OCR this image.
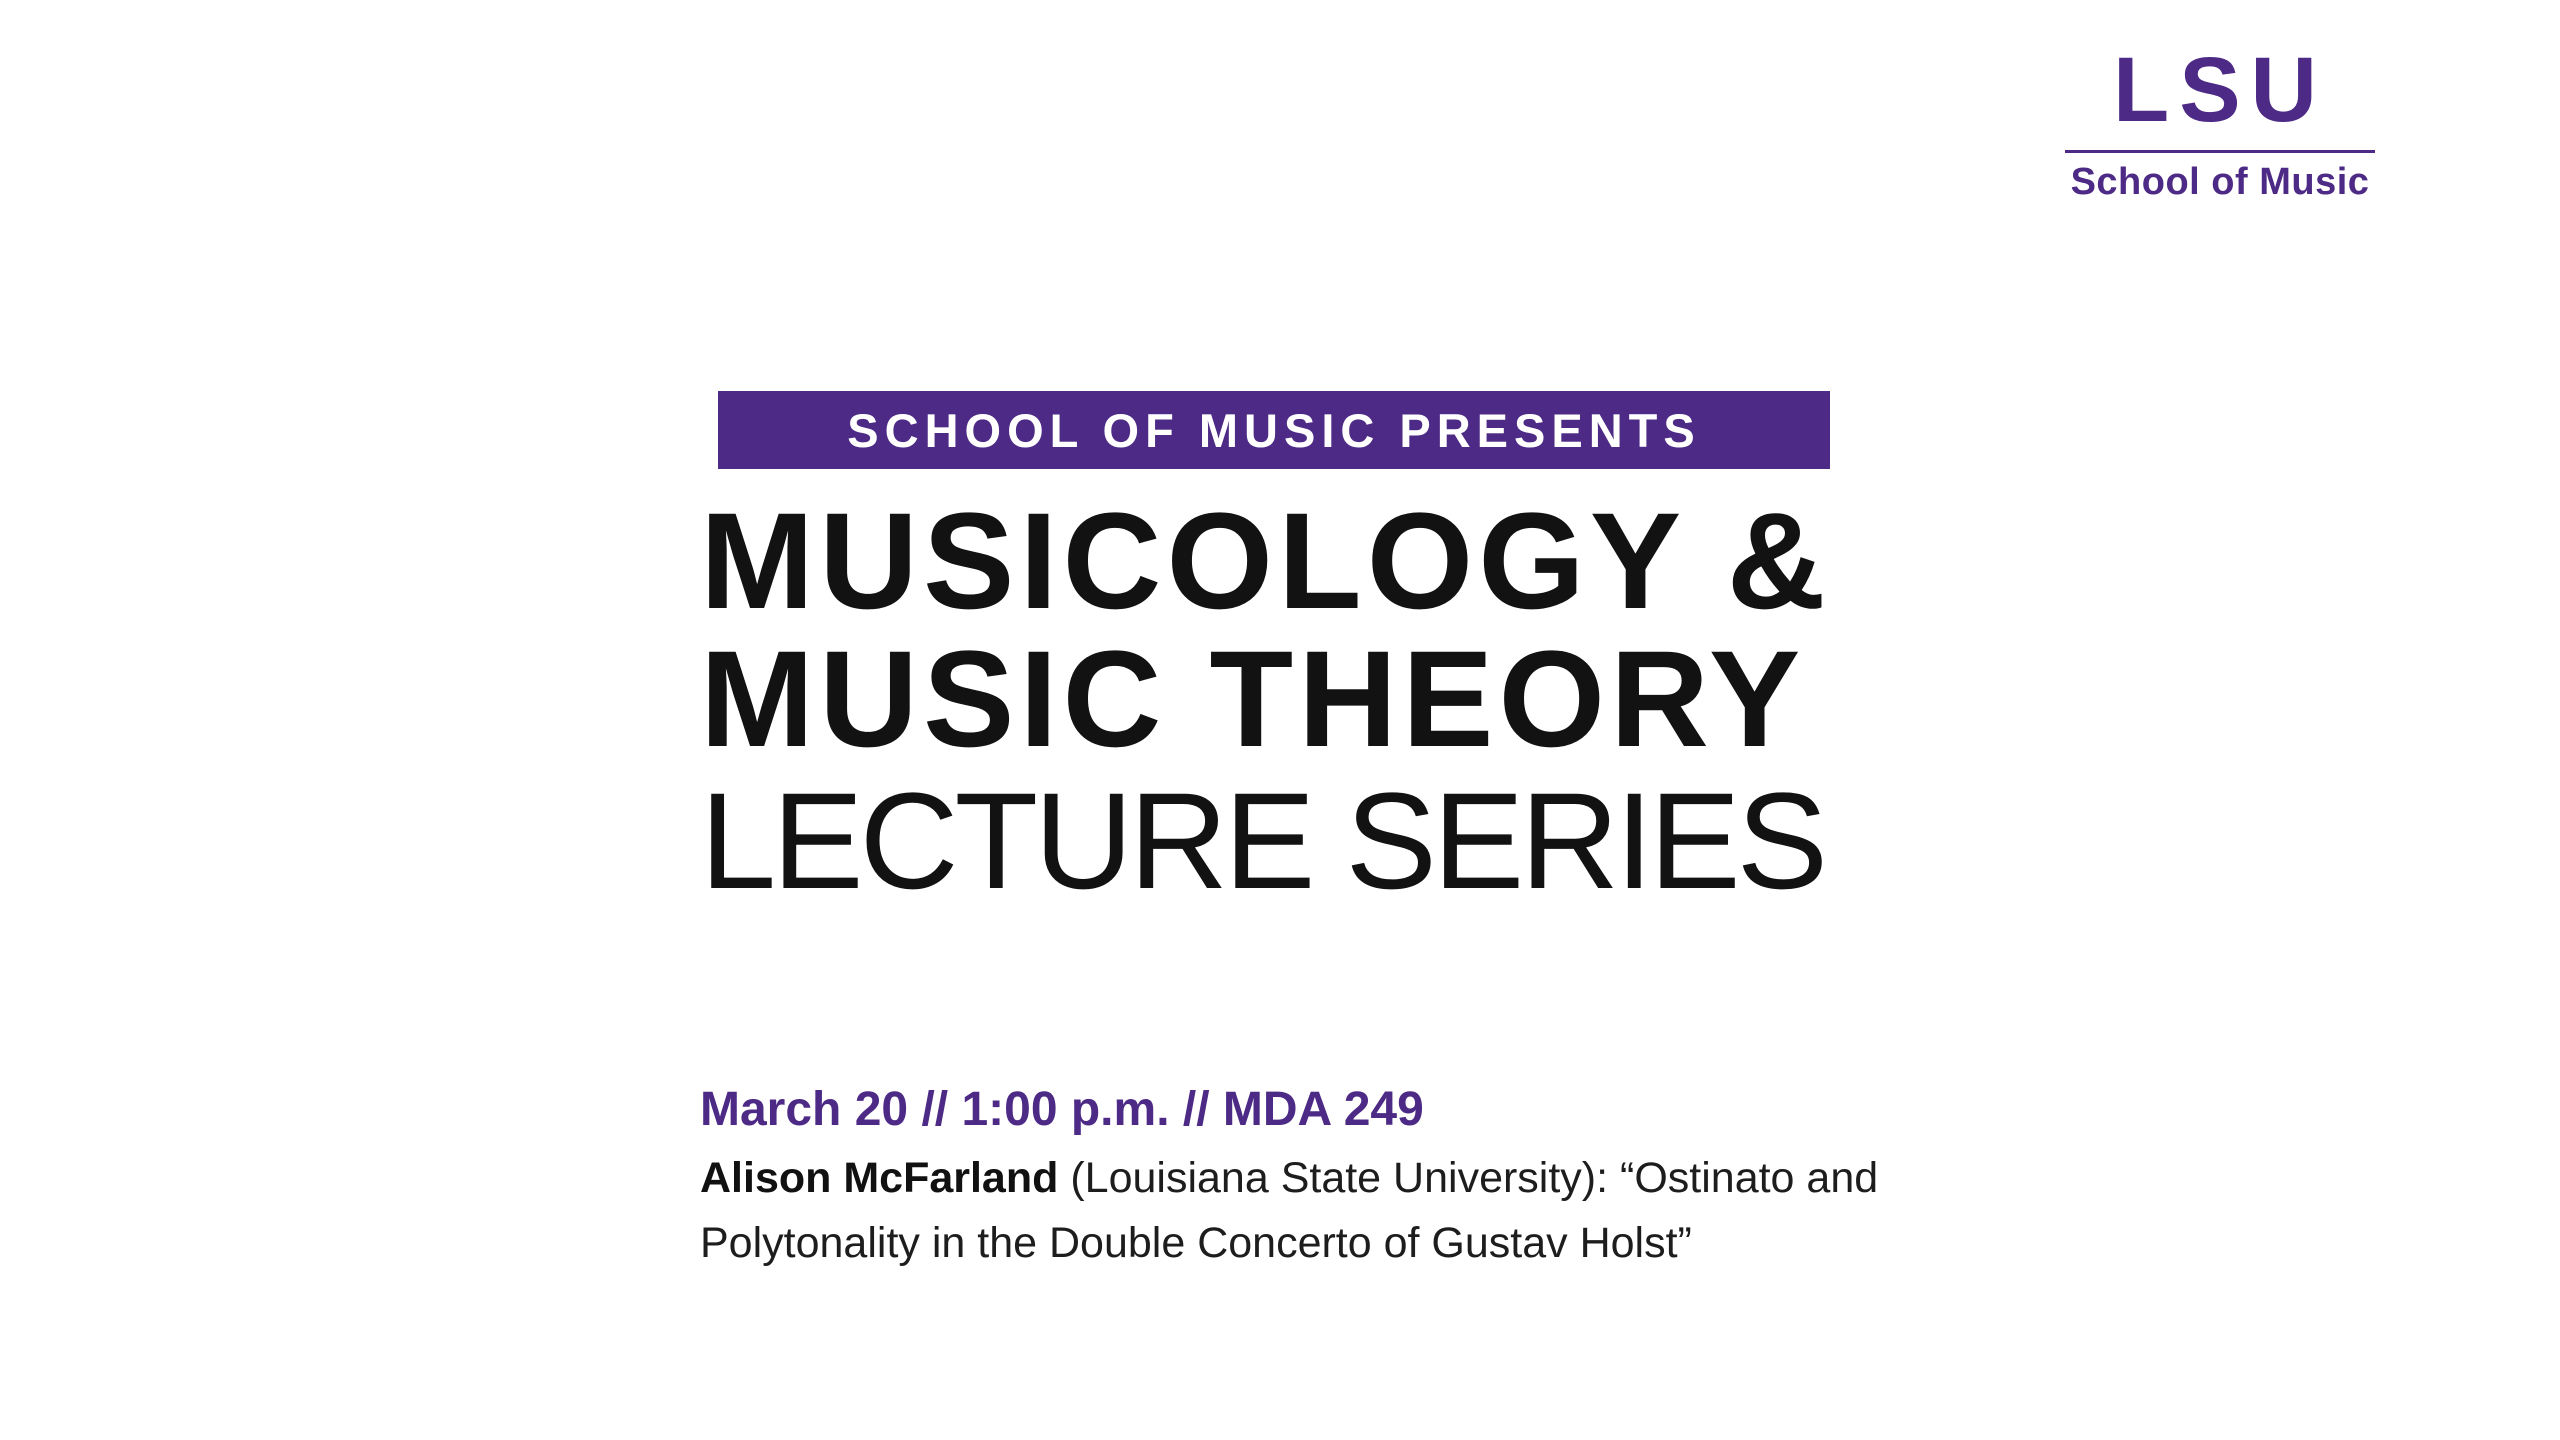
LSU
School of Music
SCHOOL OF MUSIC PRESENTS
MUSICOLOGY &
MUSIC THEORY
LECTURE SERIES
March 20 // 1:00 p.m. // MDA 249

Alison McFarland (Louisiana State University): “Ostinato and
Polytonality in the Double Concerto of Gustav Holst”
